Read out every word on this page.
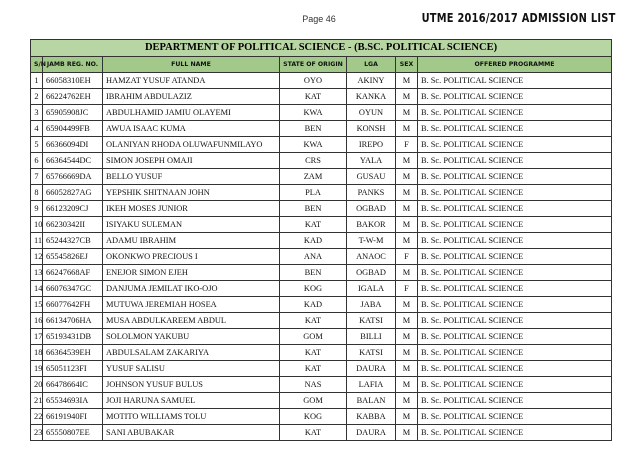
Page 46	UTME 2016/2017 ADMISSION LIST
DEPARTMENT OF POLITICAL SCIENCE - (B.SC. POLITICAL SCIENCE)						
S/N	JAMB REG. NO.	FULL NAME	STATE OF ORIGIN	LGA	SEX	OFFERED PROGRAMME
1	66058310EH	HAMZAT YUSUF ATANDA	OYO	AKINY	M	B. Sc. POLITICAL SCIENCE
2	66224762EH	IBRAHIM ABDULAZIZ	KAT	KANKA	M	B. Sc. POLITICAL SCIENCE
3	65905908JC	ABDULHAMID JAMIU OLAYEMI	KWA	OYUN	M	B. Sc. POLITICAL SCIENCE
4	65904499FB	AWUA ISAAC KUMA	BEN	KONSH	M	B. Sc. POLITICAL SCIENCE
5	66366094DI	OLANIYAN RHODA OLUWAFUNMILAYO	KWA	IREPO	F	B. Sc. POLITICAL SCIENCE
6	66364544DC	SIMON JOSEPH OMAJI	CRS	YALA	M	B. Sc. POLITICAL SCIENCE
7	65766669DA	BELLO YUSUF	ZAM	GUSAU	M	B. Sc. POLITICAL SCIENCE
8	66052827AG	YEPSHIK SHITNAAN JOHN	PLA	PANKS	M	B. Sc. POLITICAL SCIENCE
9	66123209CJ	IKEH MOSES JUNIOR	BEN	OGBAD	M	B. Sc. POLITICAL SCIENCE
10	66230342II	ISIYAKU SULEMAN	KAT	BAKOR	M	B. Sc. POLITICAL SCIENCE
11	65244327CB	ADAMU IBRAHIM	KAD	T-W-M	M	B. Sc. POLITICAL SCIENCE
12	65545826EJ	OKONKWO PRECIOUS I	ANA	ANAOC	F	B. Sc. POLITICAL SCIENCE
13	66247668AF	ENEJOR SIMON EJEH	BEN	OGBAD	M	B. Sc. POLITICAL SCIENCE
14	66076347GC	DANJUMA JEMILAT IKO-OJO	KOG	IGALA	F	B. Sc. POLITICAL SCIENCE
15	66077642FH	MUTUWA JEREMIAH HOSEA	KAD	JABA	M	B. Sc. POLITICAL SCIENCE
16	66134706HA	MUSA ABDULKAREEM ABDUL	KAT	KATSI	M	B. Sc. POLITICAL SCIENCE
17	65193431DB	SOLOLMON YAKUBU	GOM	BILLI	M	B. Sc. POLITICAL SCIENCE
18	66364539EH	ABDULSALAM ZAKARIYA	KAT	KATSI	M	B. Sc. POLITICAL SCIENCE
19	65051123FI	YUSUF SALISU	KAT	DAURA	M	B. Sc. POLITICAL SCIENCE
20	66478664IC	JOHNSON YUSUF BULUS	NAS	LAFIA	M	B. Sc. POLITICAL SCIENCE
21	65534693IA	JOJI HARUNA SAMUEL	GOM	BALAN	M	B. Sc. POLITICAL SCIENCE
22	66191940FI	MOTITO WILLIAMS TOLU	KOG	KABBA	M	B. Sc. POLITICAL SCIENCE
23	65550807EE	SANI ABUBAKAR	KAT	DAURA	M	B. Sc. POLITICAL SCIENCE
